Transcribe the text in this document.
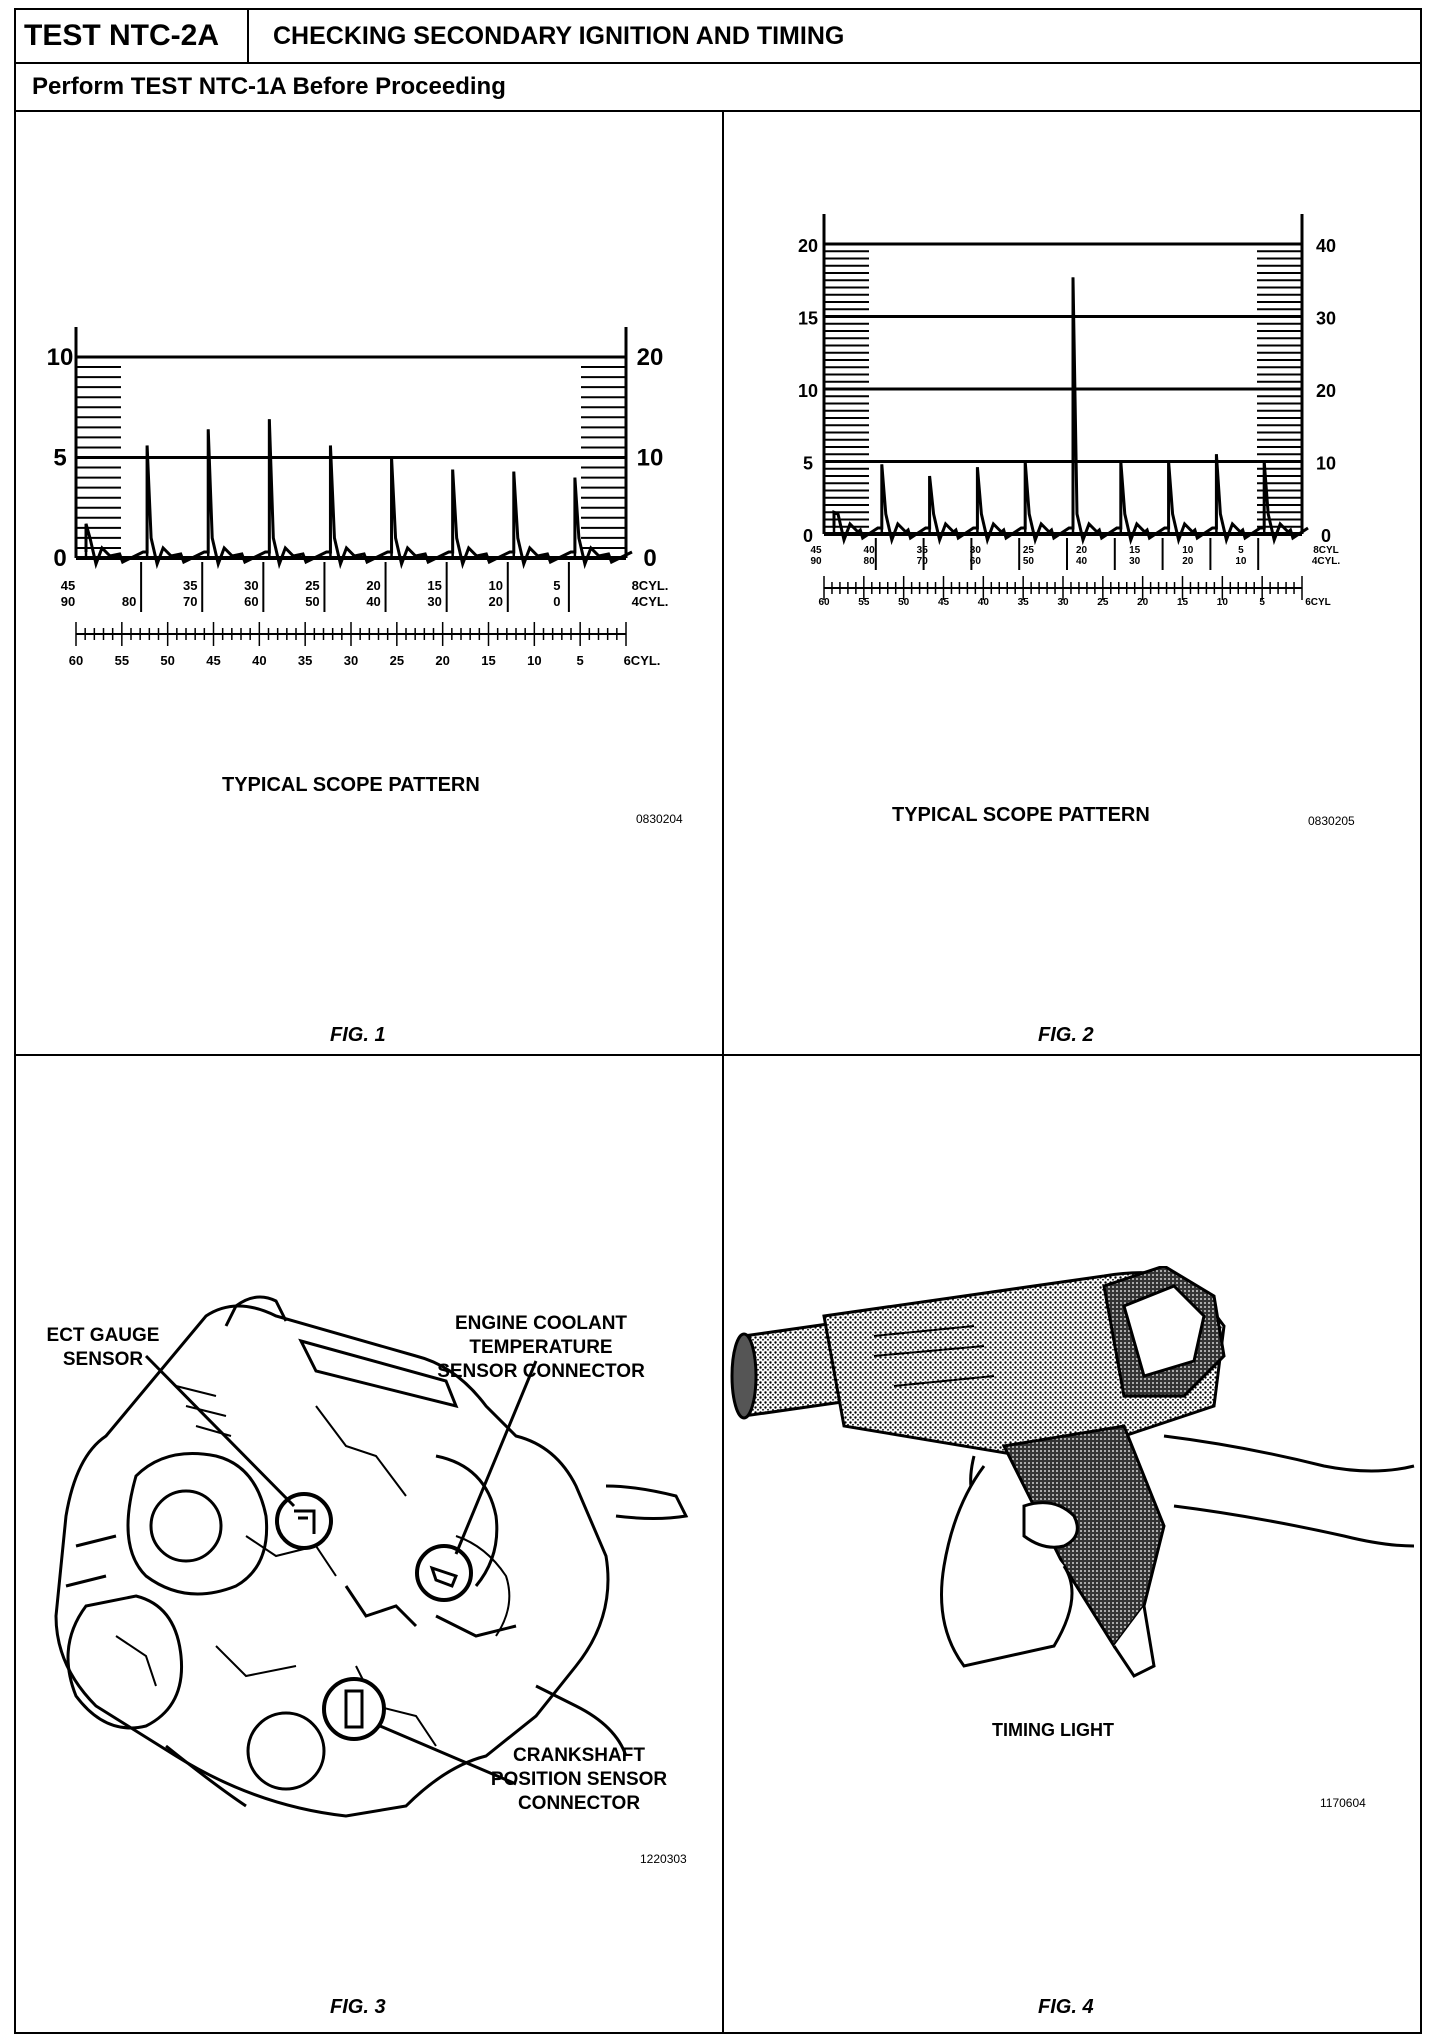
TEST NTC-2A	CHECKING SECONDARY IGNITION AND TIMING
Perform TEST NTC-1A Before Proceeding
10	20
5	10
0	0
45	35	30	25	20	15	10	5	8CYL.
90	80	70	60	50	40	30	20	0	4CYL.
60 55 50 45 40 35 30 25 20 15 10	5	6CYL.
TYPICAL SCOPE PATTERN
0830204
FIG. 1
20	40
15	30
10	20
5	10
0	0
45	40	35	30	25	20	15	10	5	8CYL
90	80	70	60	50	40	30	20	10	4CYL.
60	55	50	45	40	35	30	25	20	15	10	5	6CYL
TYPICAL SCOPE PATTERN	0830205
FIG. 2
ECT GAUGE SENSOR
ENGINE COOLANT TEMPERATURE SENSOR CONNECTOR
CRANKSHAFT POSITION SENSOR CONNECTOR
1220303
FIG. 3
TIMING LIGHT
1170604
FIG. 4
